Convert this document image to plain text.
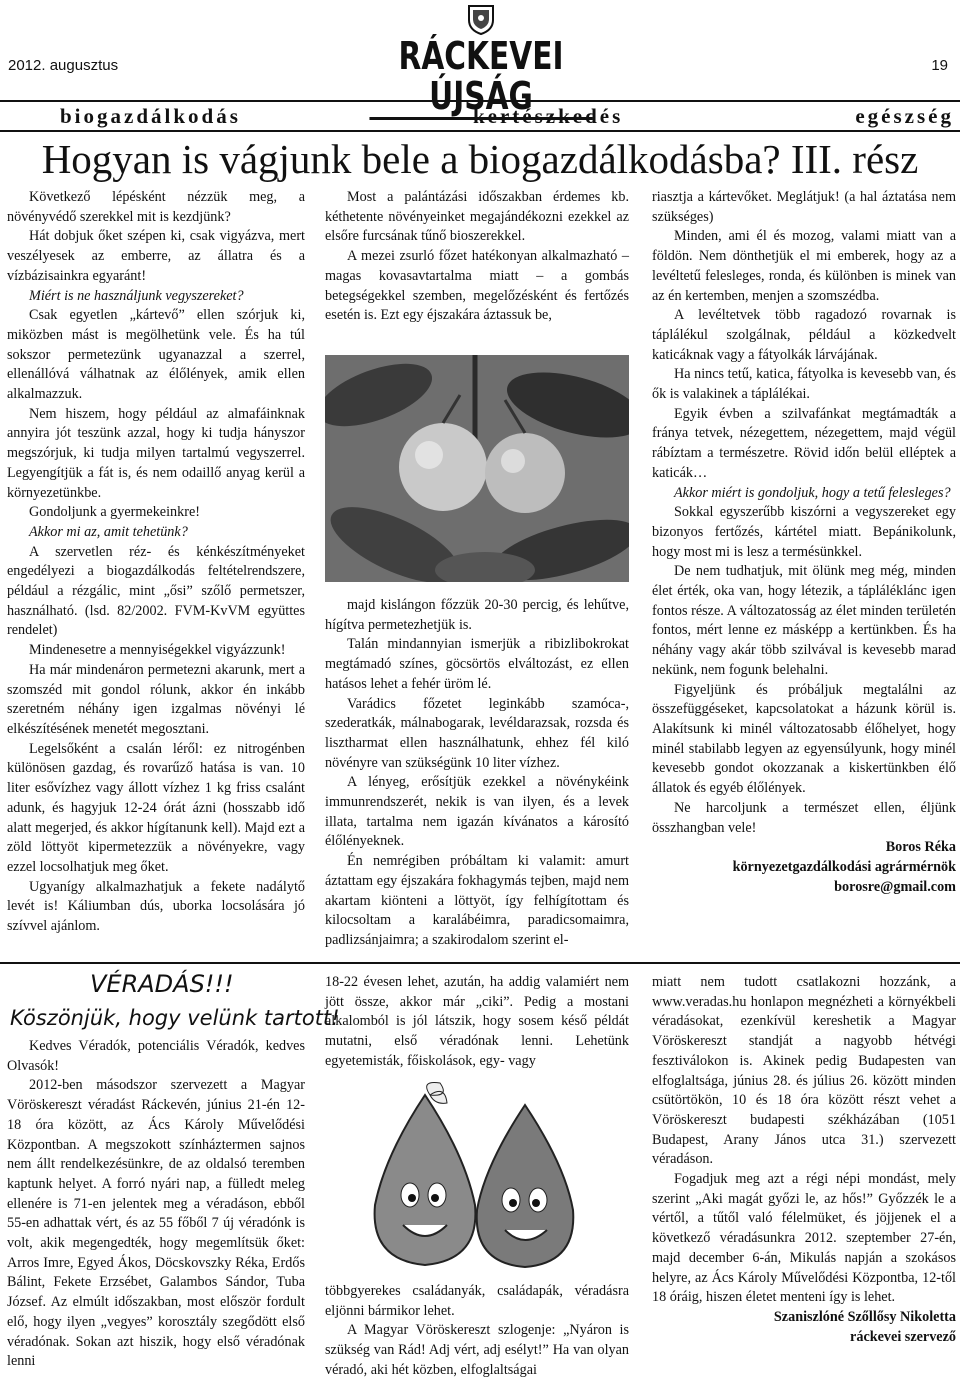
2012. augusztus	RÁCKEVEI ÚJSÁG
19
biogazdálkodás	kertészkedés	egészség
Hogyan is vágjunk bele a biogazdálkodásba? III. rész

Következő lépésként nézzük meg, a növényvédő szerekkel mit is kezdjünk?

Hát dobjuk őket szépen ki, csak vigyázva, mert veszélyesek az emberre, az állatra és a vízbázisainkra egyaránt!

Miért is ne használjunk vegyszereket?

Csak egyetlen „kártevő” ellen szórjuk ki, miközben mást is megölhetünk vele. És ha túl sokszor permetezünk ugyanazzal a szerrel, ellenállóvá válhatnak az élőlények, amik ellen alkalmazzuk.

Nem hiszem, hogy például az almafáinknak annyira jót teszünk azzal, hogy ki tudja hányszor megszórjuk, ki tudja milyen tartalmú vegyszerrel. Legyengítjük a fát is, és nem odaillő anyag kerül a környezetünkbe.

Gondoljunk a gyermekeinkre!

Akkor mi az, amit tehetünk?

A szervetlen réz- és kénkészítményeket engedélyezi a biogazdálkodás feltételrendszere, például a rézgálic, mint „ősi” szőlő permetszer, használható. (lsd. 82/2002. FVM-KvVM együttes rendelet)

Mindenesetre a mennyiségekkel vigyázzunk!

Ha már mindenáron permetezni akarunk, mert a szomszéd mit gondol rólunk, akkor én inkább szeretném néhány igen izgalmas növényi lé elkészítésének menetét megosztani.

Legelsőként a csalán léről: ez nitrogénben különösen gazdag, és rovarűző hatása is van. 10 liter esővízhez vagy állott vízhez 1 kg friss csalánt adunk, és hagyjuk 12-24 órát ázni (hosszabb idő alatt megerjed, és akkor hígítanunk kell). Majd ezt a zöld löttyöt kipermetezzük a növényekre, vagy ezzel locsolhatjuk meg őket.

Ugyanígy alkalmazhatjuk a fekete nadálytő levét is! Káliumban dús, uborka locsolására jó szívvel ajánlom.

Most a palántázási időszakban érdemes kb. kéthetente növényeinket megajándékozni ezekkel az elsőre furcsának tűnő bioszerekkel.

A mezei zsurló főzet hatékonyan alkalmazható – magas kovasavtartalma miatt – a gombás betegségekkel szemben, megelőzésként és fertőzés esetén is. Ezt egy éjszakára áztassuk be,

majd kislángon főzzük 20-30 percig, és lehűtve, hígítva permetezhetjük is.

Talán mindannyian ismerjük a ribizlibokrokat megtámadó színes, göcsörtös elváltozást, ez ellen hatásos lehet a fehér üröm lé.

Varádics főzetet leginkább szamóca-, szederatkák, málnabogarak, levéldarazsak, rozsda és lisztharmat ellen használhatunk, ehhez fél kiló növényre van szükségünk 10 liter vízhez.

A lényeg, erősítjük ezekkel a növénykéink immunrendszerét, nekik is van ilyen, és a levek illata, tartalma nem igazán kívánatos a károsító élőlényeknek.

Én nemrégiben próbáltam ki valamit: amurt áztattam egy éjszakára fokhagymás tejben, majd nem akartam kiönteni a löttyöt, így felhígítottam és kilocsoltam a karalábéimra, paradicsomaimra, padlizsánjaimra; a szakirodalom szerint el-

riasztja a kártevőket. Meglátjuk! (a hal áztatása nem szükséges)

Minden, ami él és mozog, valami miatt van a földön. Nem dönthetjük el mi emberek, hogy az a levéltetű felesleges, ronda, és különben is minek van az én kertemben, menjen a szomszédba.

A levéltetvek több ragadozó rovarnak is táplálékul szolgálnak, például a közkedvelt katicáknak vagy a fátyolkák lárvájának.

Ha nincs tetű, katica, fátyolka is kevesebb van, és ők is valakinek a táplálékai.

Egyik évben a szilvafánkat megtámadták a fránya tetvek, nézegettem, nézegettem, majd végül rábíztam a természetre. Rövid időn belül elléptek a katicák…

Akkor miért is gondoljuk, hogy a tetű felesleges?

Sokkal egyszerűbb kiszórni a vegyszereket egy bizonyos fertőzés, kártétel miatt. Bepánikolunk, hogy most mi is lesz a termésünkkel.

De nem tudhatjuk, mit ölünk meg még, minden élet érték, oka van, hogy létezik, a tápláléklánc igen fontos része. A változatosság az élet minden területén fontos, mért lenne ez másképp a kertünkben. És ha néhány vagy akár több szilvával is kevesebb marad nekünk, nem fogunk belehalni.

Figyeljünk és próbáljuk megtalálni az összefüggéseket, kapcsolatokat a házunk körül is. Alakítsunk ki minél változatosabb élőhelyet, hogy minél stabilabb legyen az egyensúlyunk, hogy minél kevesebb gondot okozzanak a kiskertünkben élő állatok és egyéb élőlények.

Ne harcoljunk a természet ellen, éljünk összhangban vele!

Boros Réka
környezetgazdálkodási agrármérnök
borosre@gmail.com
VÉRADÁS!!!
Köszönjük, hogy velünk tartott!

Kedves Véradók, potenciális Véradók, kedves Olvasók!

2012-ben másodszor szervezett a Magyar Vöröskereszt véradást Ráckevén, június 21-én 12-18 óra között, az Ács Károly Művelődési Központban. A megszokott színháztermen sajnos nem állt rendelkezésünkre, de az oldalsó teremben kaptunk helyet. A forró nyári nap, a fülledt meleg ellenére is 71-en jelentek meg a véradáson, ebből 55-en adhattak vért, és az 55 főből 7 új véradónk is volt, akik megengedték, hogy megemlítsük őket: Arros Imre, Egyed Ákos, Döcskovszky Réka, Erdős Bálint, Fekete Erzsébet, Galambos Sándor, Tuba József. Az elmúlt időszakban, most először fordult elő, hogy ilyen „vegyes” korosztály szegődött első véradónak. Sokan azt hiszik, hogy első véradónak lenni

18-22 évesen lehet, azután, ha addig valamiért nem jött össze, akkor már „ciki”. Pedig a mostani alkalomból is jól látszik, hogy sosem késő példát mutatni, első véradónak lenni. Lehetünk egyetemisták, főiskolások, egy- vagy

többgyerekes családanyák, családapák, véradásra eljönni bármikor lehet.

A Magyar Vöröskereszt szlogenje: „Nyáron is szükség van Rád! Adj vért, adj esélyt!” Ha van olyan véradó, aki hét közben, elfoglaltságai

miatt nem tudott csatlakozni hozzánk, a www.veradas.hu honlapon megnézheti a környékbeli véradásokat, ezenkívül kereshetik a Magyar Vöröskereszt standját a nagyobb hétvégi fesztiválokon is. Akinek pedig Budapesten van elfoglaltsága, június 28. és július 26. között minden csütörtökön, 10 és 18 óra között részt vehet a Vöröskereszt budapesti székházában (1051 Budapest, Arany János utca 31.) szervezett véradáson.

Fogadjuk meg azt a régi népi mondást, mely szerint „Aki magát győzi le, az hős!” Győzzék le a vértől, a tűtől való félelmüket, és jöjjenek el a következő véradásunkra 2012. szeptember 27-én, majd december 6-án, Mikulás napján a szokásos helyre, az Ács Károly Művelődési Központba, 12-től 18 óráig, hiszen életet menteni így is lehet.

Szaniszlóné Szőllősy Nikoletta
ráckevei szervező
